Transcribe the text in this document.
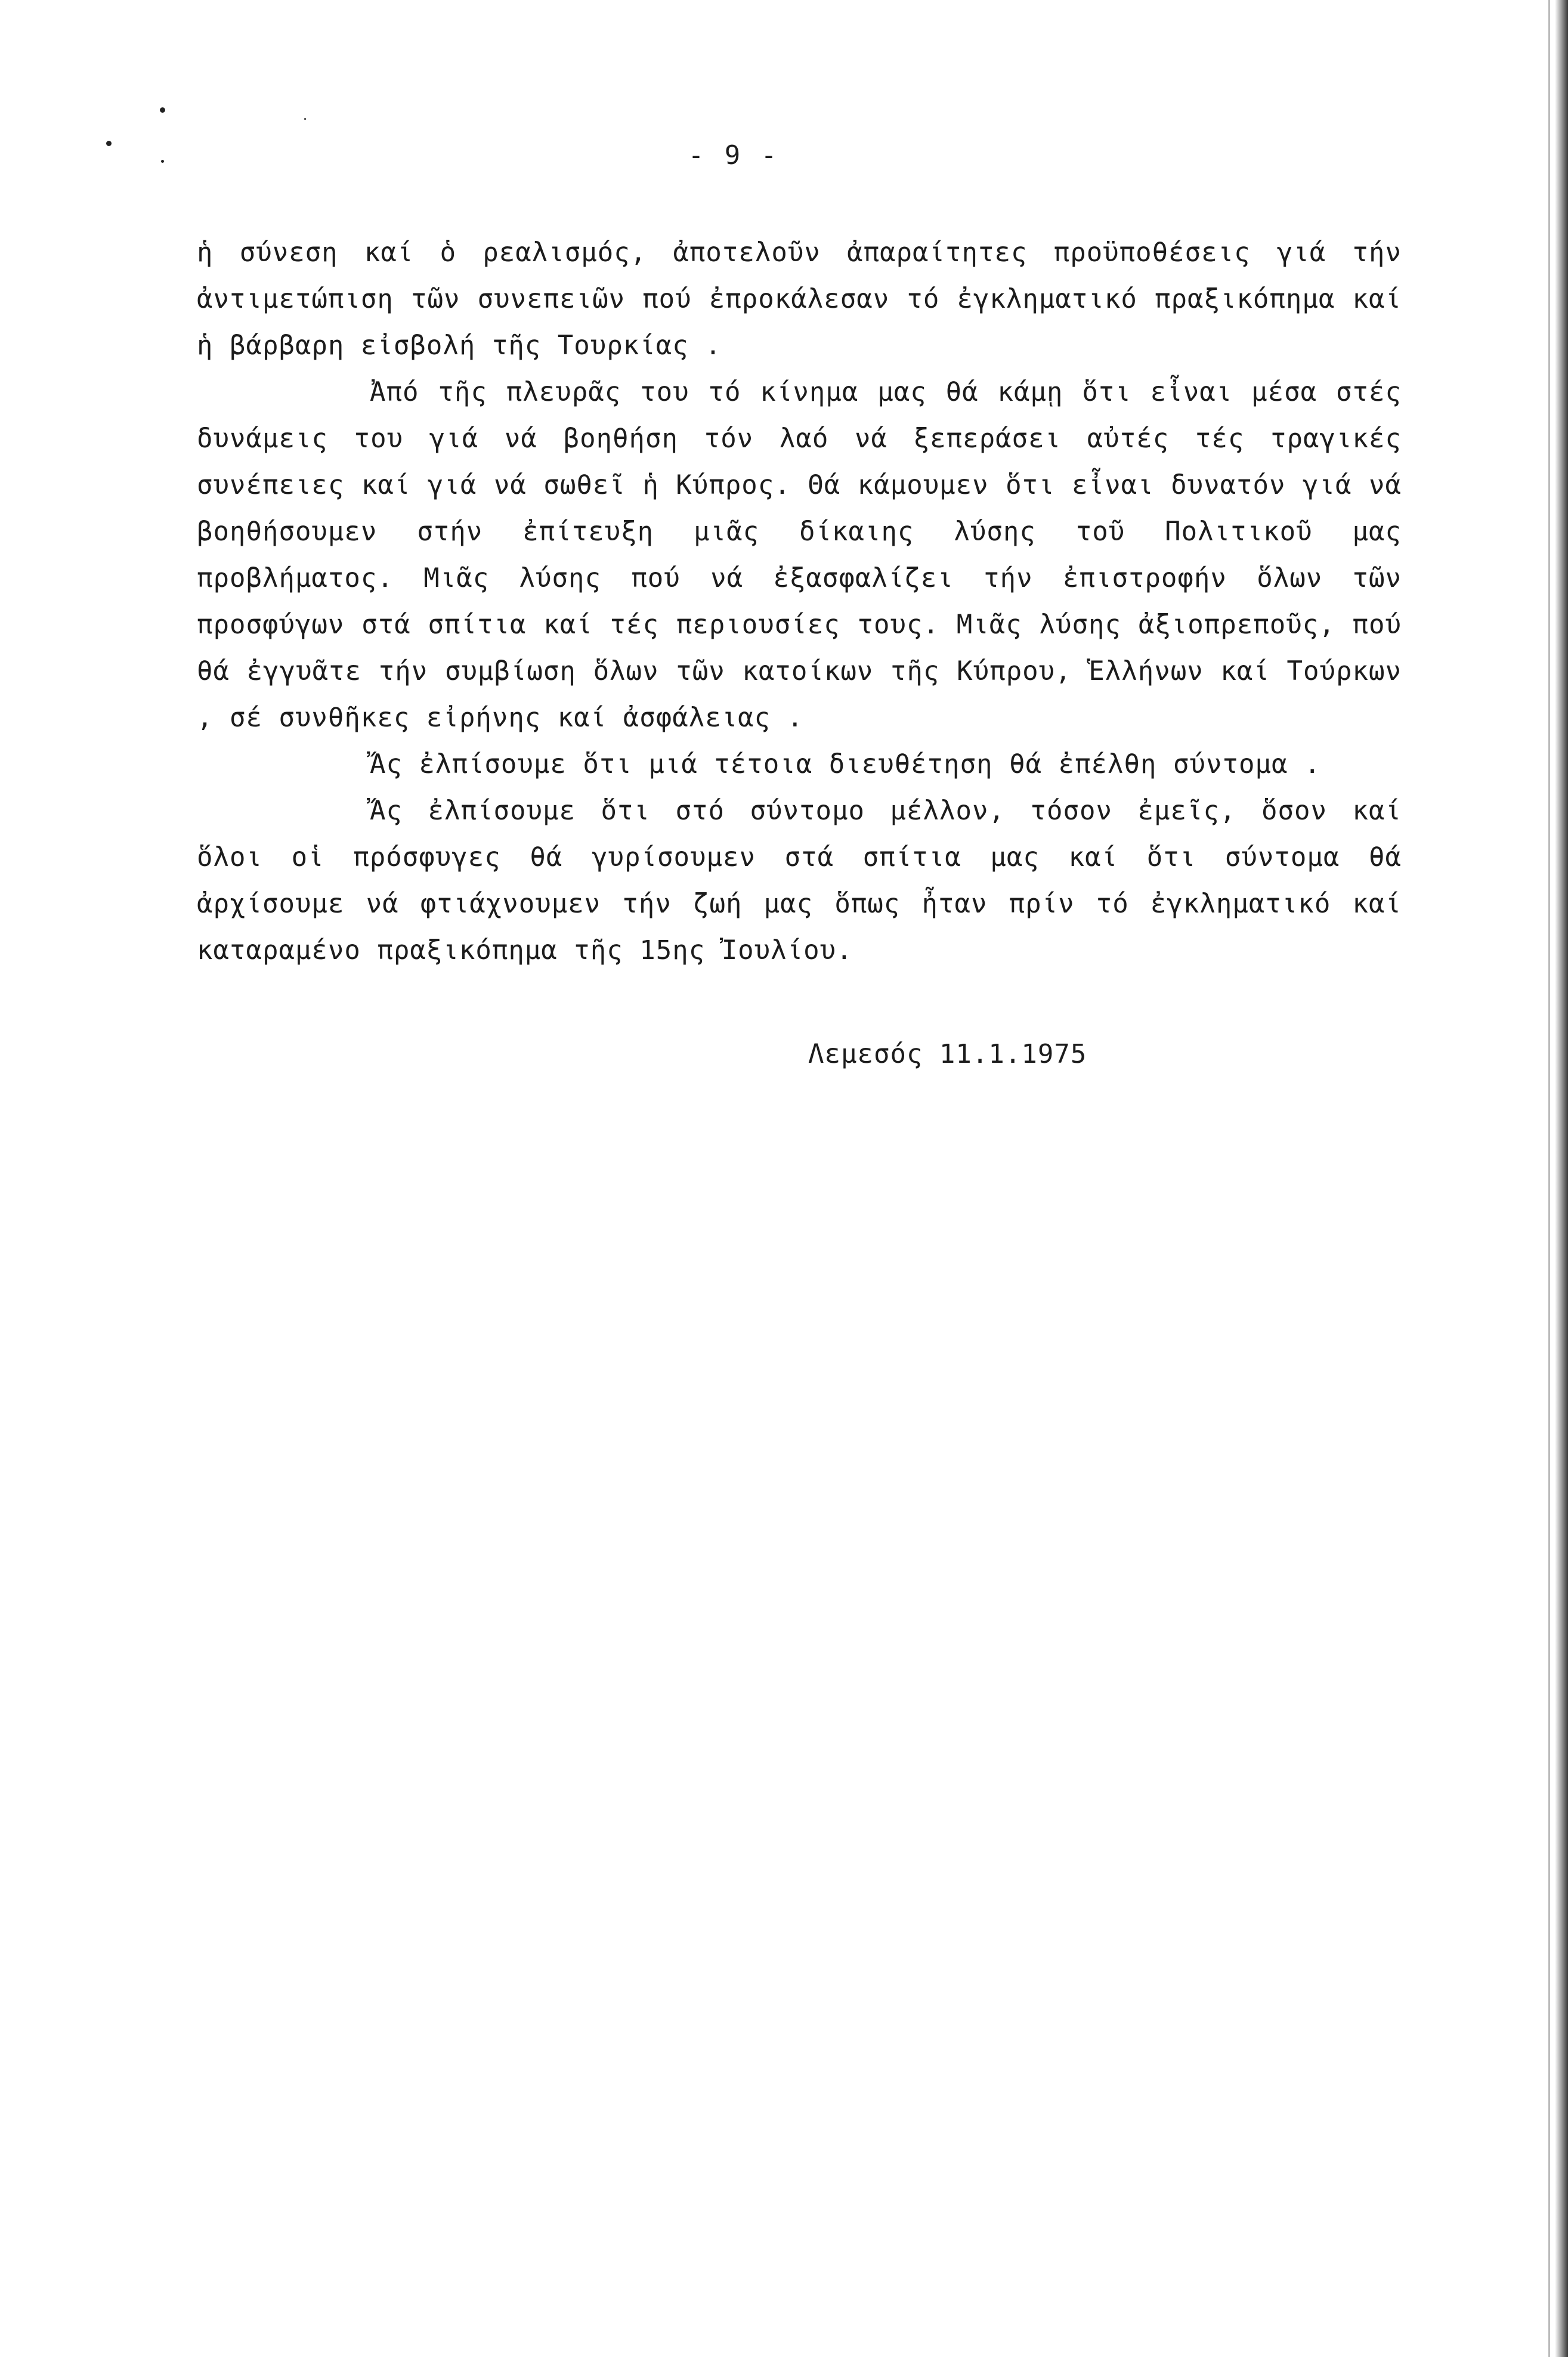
- 9 -

ἡ σύνεση καί ὁ ρεαλισμός, ἀποτελοῦν ἀπαραίτητες προϋποθέσεις γιά τήν ἀντιμετώπιση τῶν συνεπειῶν πού ἐπροκάλεσαν τό ἐγκληματικό πραξικόπημα καί ἡ βάρβαρη εἰσβολή τῆς Τουρκίας .

Ἀπό τῆς πλευρᾶς του τό κίνημα μας θά κάμῃ ὅτι εἶναι μέσα στές δυνάμεις του γιά νά βοηθήση τόν λαό νά ξεπεράσει αὐτές τές τραγικές συνέπειες καί γιά νά σωθεῖ ἡ Κύπρος. Θά κάμουμεν ὅτι εἶναι δυνατόν γιά νά βοηθήσουμεν στήν ἐπίτευξη μιᾶς δίκαιης λύσης τοῦ Πολιτικοῦ μας προβλήματος. Μιᾶς λύσης πού νά ἐξασφαλίζει τήν ἐπιστροφήν ὅλων τῶν προσφύγων στά σπίτια καί τές περιουσίες τους. Μιᾶς λύσης ἀξιοπρεποῦς, πού θά ἐγγυᾶτε τήν συμβίωση ὅλων τῶν κατοίκων τῆς Κύπρου, Ἑλλήνων καί Τούρκων , σέ συνθῆκες εἰρήνης καί ἀσφάλειας .

Ἄς ἐλπίσουμε ὅτι μιά τέτοια διευθέτηση θά ἐπέλθη σύντομα .

Ἄς ἐλπίσουμε ὅτι στό σύντομο μέλλον, τόσον ἐμεῖς, ὅσον καί ὅλοι οἱ πρόσφυγες θά γυρίσουμεν στά σπίτια μας καί ὅτι σύντομα θά ἀρχίσουμε νά φτιάχνουμεν τήν ζωή μας ὅπως ἦταν πρίν τό ἐγκληματικό καί καταραμένο πραξικόπημα τῆς 15ης Ἰουλίου.

Λεμεσός 11.1.1975
